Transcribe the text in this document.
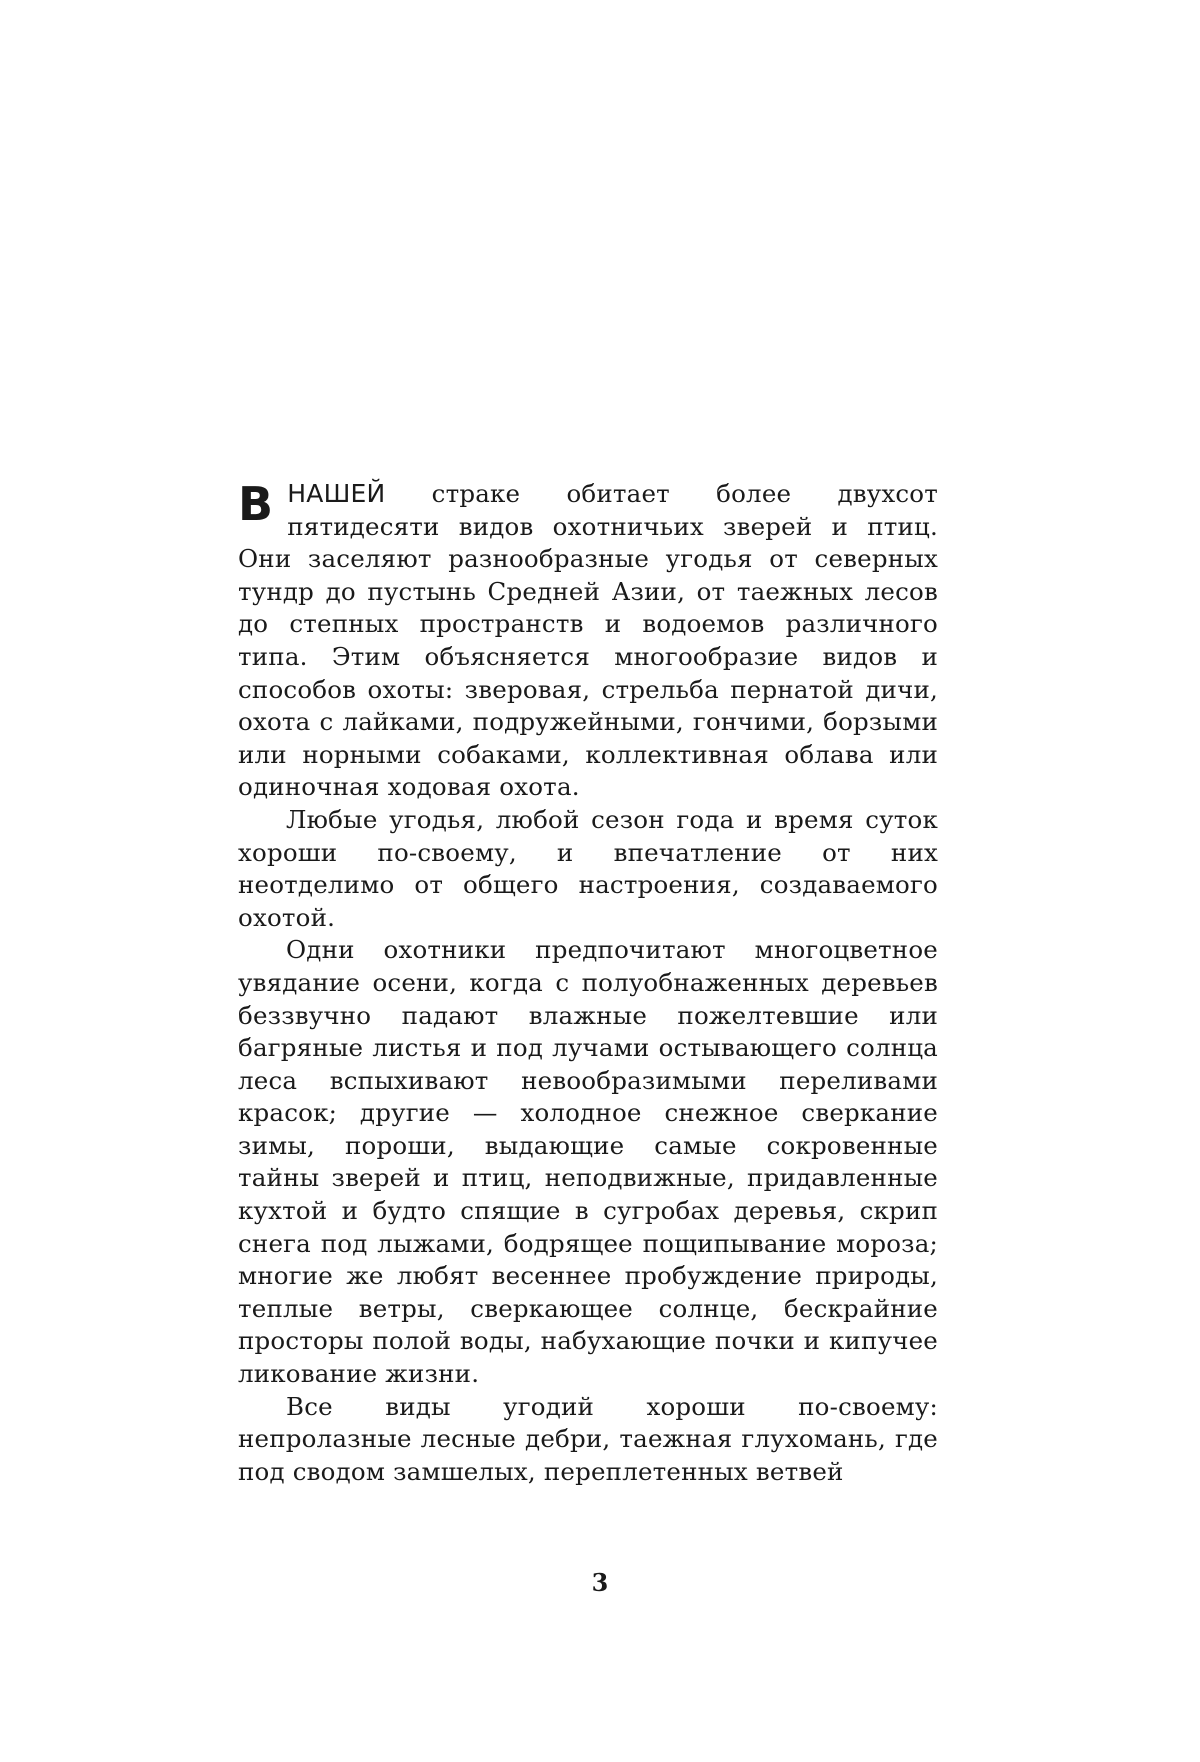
В НАШЕЙ страке обитает более двухсот пятидесяти видов охотничьих зверей и птиц. Они заселяют разнообразные угодья от северных тундр до пустынь Средней Азии, от таежных лесов до степных пространств и водоемов различного типа. Этим объясняется многообразие видов и способов охоты: зверовая, стрельба пернатой дичи, охота с лайками, подружейными, гончими, борзыми или норными собаками, коллективная облава или одиночная ходовая охота.

Любые угодья, любой сезон года и время суток хороши по-своему, и впечатление от них неотделимо от общего настроения, создаваемого охотой.

Одни охотники предпочитают многоцветное увядание осени, когда с полуобнаженных деревьев беззвучно падают влажные пожелтевшие или багряные листья и под лучами остывающего солнца леса вспыхивают невообразимыми переливами красок; другие — холодное снежное сверкание зимы, пороши, выдающие самые сокровенные тайны зверей и птиц, неподвижные, придавленные кухтой и будто спящие в сугробах деревья, скрип снега под лыжами, бодрящее пощипывание мороза; многие же любят весеннее пробуждение природы, теплые ветры, сверкающее солнце, бескрайние просторы полой воды, набухающие почки и кипучее ликование жизни.

Все виды угодий хороши по-своему: непролазные лесные дебри, таежная глухомань, где под сводом замшелых, переплетенных ветвей

3
